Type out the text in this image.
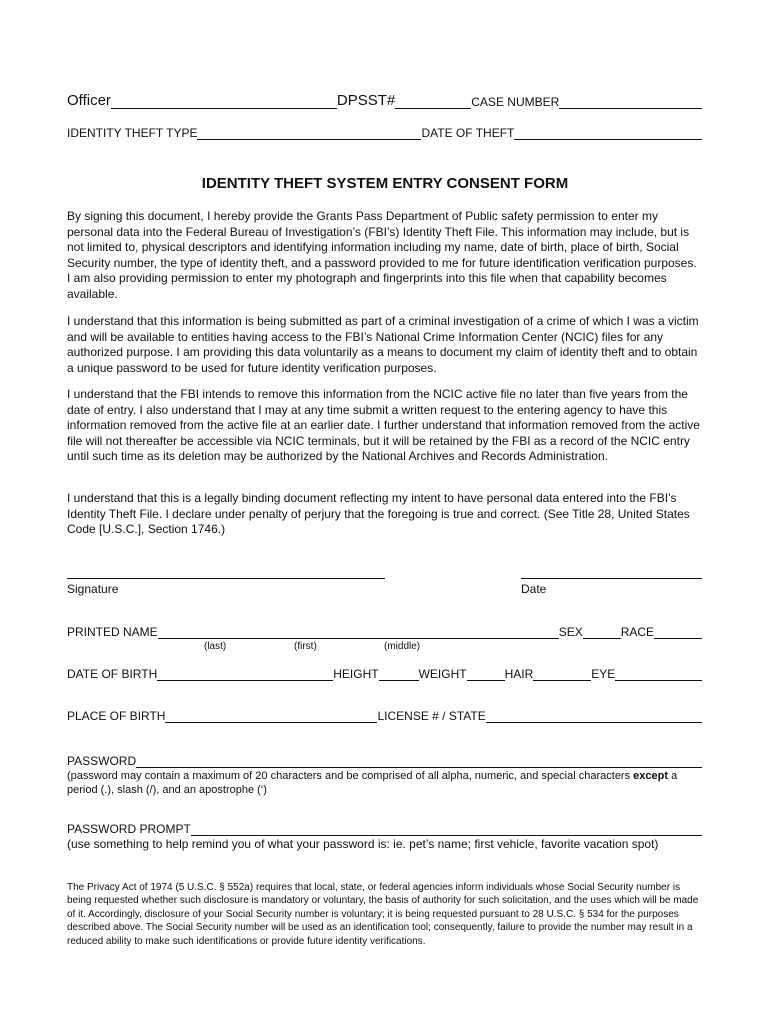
Officer	DPSST#	CASE NUMBER
IDENTITY THEFT TYPE	DATE OF THEFT
IDENTITY THEFT SYSTEM ENTRY CONSENT FORM

By signing this document, I hereby provide the Grants Pass Department of Public safety permission to enter my personal data into the Federal Bureau of Investigation’s (FBI’s) Identity Theft File. This information may include, but is not limited to, physical descriptors and identifying information including my name, date of birth, place of birth, Social Security number, the type of identity theft, and a password provided to me for future identification verification purposes. I am also providing permission to enter my photograph and fingerprints into this file when that capability becomes available.

I understand that this information is being submitted as part of a criminal investigation of a crime of which I was a victim and will be available to entities having access to the FBI’s National Crime Information Center (NCIC) files for any authorized purpose. I am providing this data voluntarily as a means to document my claim of identity theft and to obtain a unique password to be used for future identity verification purposes.

I understand that the FBI intends to remove this information from the NCIC active file no later than five years from the date of entry. I also understand that I may at any time submit a written request to the entering agency to have this information removed from the active file at an earlier date. I further understand that information removed from the active file will not thereafter be accessible via NCIC terminals, but it will be retained by the FBI as a record of the NCIC entry until such time as its deletion may be authorized by the National Archives and Records Administration.

I understand that this is a legally binding document reflecting my intent to have personal data entered into the FBI’s Identity Theft File. I declare under penalty of perjury that the foregoing is true and correct. (See Title 28, United States Code [U.S.C.], Section 1746.)

Signature	Date
PRINTED NAME	SEX	RACE
(last)	(first)	(middle)
DATE OF BIRTH	HEIGHT	WEIGHT	HAIR	EYE
PLACE OF BIRTH	LICENSE # / STATE
PASSWORD

(password may contain a maximum of 20 characters and be comprised of all alpha, numeric, and special characters except a period (.), slash (/), and an apostrophe (‘)

PASSWORD PROMPT
(use something to help remind you of what your password is: ie. pet’s name; first vehicle, favorite vacation spot)

The Privacy Act of 1974 (5 U.S.C. § 552a) requires that local, state, or federal agencies inform individuals whose Social Security number is being requested whether such disclosure is mandatory or voluntary, the basis of authority for such solicitation, and the uses which will be made of it. Accordingly, disclosure of your Social Security number is voluntary; it is being requested pursuant to 28 U.S.C. § 534 for the purposes described above. The Social Security number will be used as an identification tool; consequently, failure to provide the number may result in a reduced ability to make such identifications or provide future identity verifications.
